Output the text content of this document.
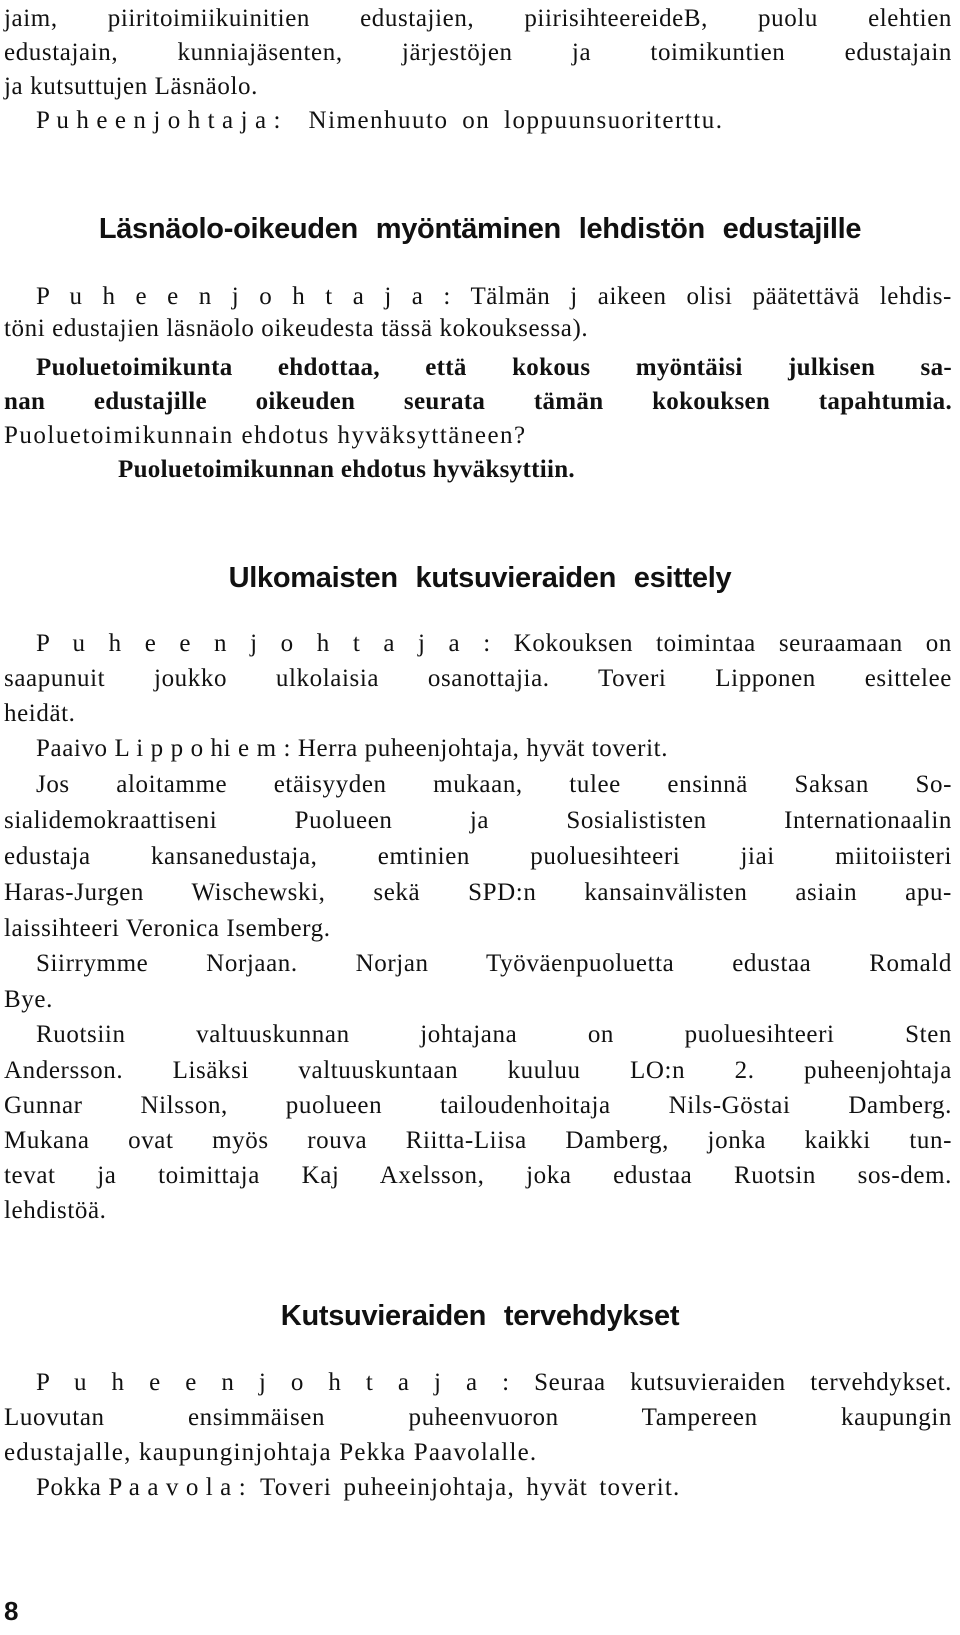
jaim, piiritoimiikuinitien edustajien, piirisihteereideB, puolu elehtien
edustajain, kunniajäsenten, järjestöjen ja toimikuntien edustajain
ja kutsuttujen Läsnäolo.
P u h e e n j o h t a j a : Nimenhuuto on loppuunsuoriterttu.
Läsnäolo-oikeuden myöntäminen lehdistön edustajille
P u h e e n j o h t a j a : Tälmän j aikeen olisi päätettävä lehdis-
töni edustajien läsnäolo oikeudesta tässä kokouksessa).
Puoluetoimikunta ehdottaa, että kokous myöntäisi julkisen sa-
nan edustajille oikeuden seurata tämän kokouksen tapahtumia.
Puoluetoimikunnain ehdotus hyväksyttäneen?
Puoluetoimikunnan ehdotus hyväksyttiin.
Ulkomaisten kutsuvieraiden esittely
P u h e e n j o h t a j a : Kokouksen toimintaa seuraamaan on
saapunuit joukko ulkolaisia osanottajia. Toveri Lipponen esittelee
heidät.
Paaivo L i p p o hi e m : Herra puheenjohtaja, hyvät toverit.
Jos aloitamme etäisyyden mukaan, tulee ensinnä Saksan So-
sialidemokraattiseni Puolueen ja Sosialististen Internationaalin
edustaja kansanedustaja, emtinien puoluesihteeri jiai miitoiisteri
Haras-Jurgen Wischewski, sekä SPD:n kansainvälisten asiain apu-
laissihteeri Veronica Isemberg.
Siirrymme Norjaan. Norjan Työväenpuoluetta edustaa Romald
Bye.
Ruotsiin valtuuskunnan johtajana on puoluesihteeri Sten
Andersson. Lisäksi valtuuskuntaan kuuluu LO:n 2. puheenjohtaja
Gunnar Nilsson, puolueen tailoudenhoitaja Nils-Göstai Damberg.
Mukana ovat myös rouva Riitta-Liisa Damberg, jonka kaikki tun-
tevat ja toimittaja Kaj Axelsson, joka edustaa Ruotsin sos-dem.
lehdistöä.
Kutsuvieraiden tervehdykset
P u h e e n j o h t a j a : Seuraa kutsuvieraiden tervehdykset.
Luovutan ensimmäisen puheenvuoron Tampereen kaupungin
edustajalle, kaupunginjohtaja Pekka Paavolalle.
Pokka P a a v o l a : Toveri puheeinjohtaja, hyvät toverit.
8
